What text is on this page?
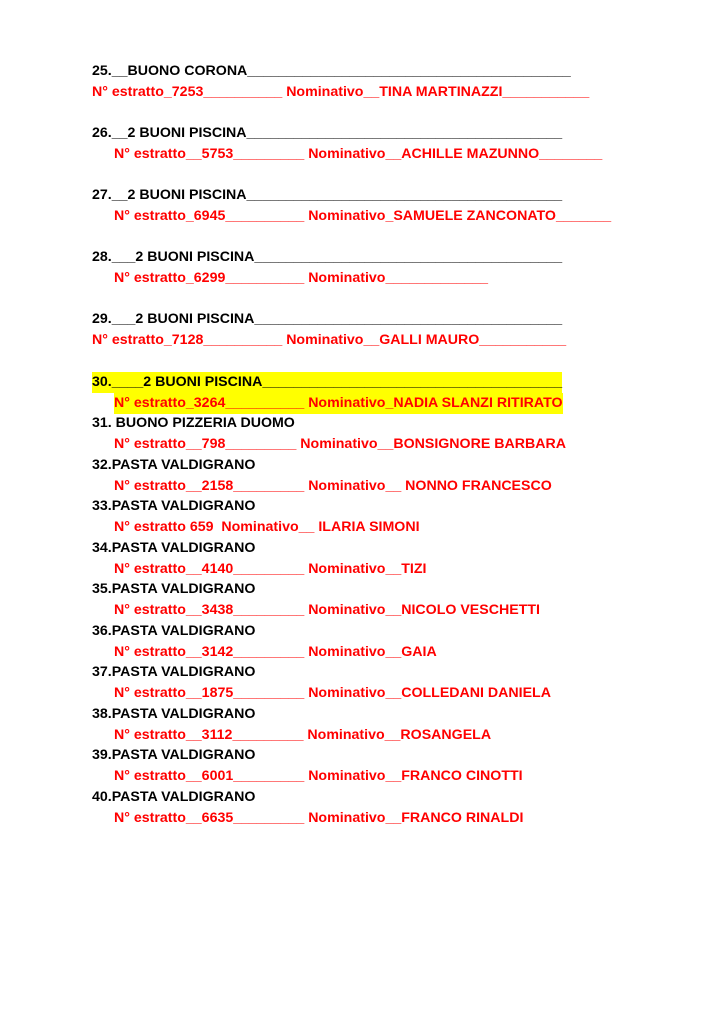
25.__BUONO CORONA_________________________________________
N° estratto_7253__________ Nominativo__TINA MARTINAZZI___________
26.__2 BUONI PISCINA________________________________________
N° estratto__5753_________ Nominativo__ACHILLE MAZUNNO________
27.__2 BUONI PISCINA________________________________________
N° estratto_6945__________ Nominativo_SAMUELE ZANCONATO_______
28.___2 BUONI PISCINA_______________________________________
N° estratto_6299__________ Nominativo_____________
29.___2 BUONI PISCINA_______________________________________
N° estratto_7128__________ Nominativo__GALLI MAURO___________
30.____2 BUONI PISCINA______________________________________
N° estratto_3264__________ Nominativo_NADIA SLANZI RITIRATO
31. BUONO PIZZERIA DUOMO
N° estratto__798_________ Nominativo__BONSIGNORE BARBARA
32.PASTA VALDIGRANO
N° estratto__2158_________ Nominativo__ NONNO FRANCESCO
33.PASTA VALDIGRANO
N° estratto 659  Nominativo__ ILARIA SIMONI
34.PASTA VALDIGRANO
N° estratto__4140_________ Nominativo__TIZI
35.PASTA VALDIGRANO
N° estratto__3438_________ Nominativo__NICOLO VESCHETTI
36.PASTA VALDIGRANO
N° estratto__3142_________ Nominativo__GAIA
37.PASTA VALDIGRANO
N° estratto__1875_________ Nominativo__COLLEDANI DANIELA
38.PASTA VALDIGRANO
N° estratto__3112_________ Nominativo__ROSANGELA
39.PASTA VALDIGRANO
N° estratto__6001_________ Nominativo__FRANCO CINOTTI
40.PASTA VALDIGRANO
N° estratto__6635_________ Nominativo__FRANCO RINALDI
